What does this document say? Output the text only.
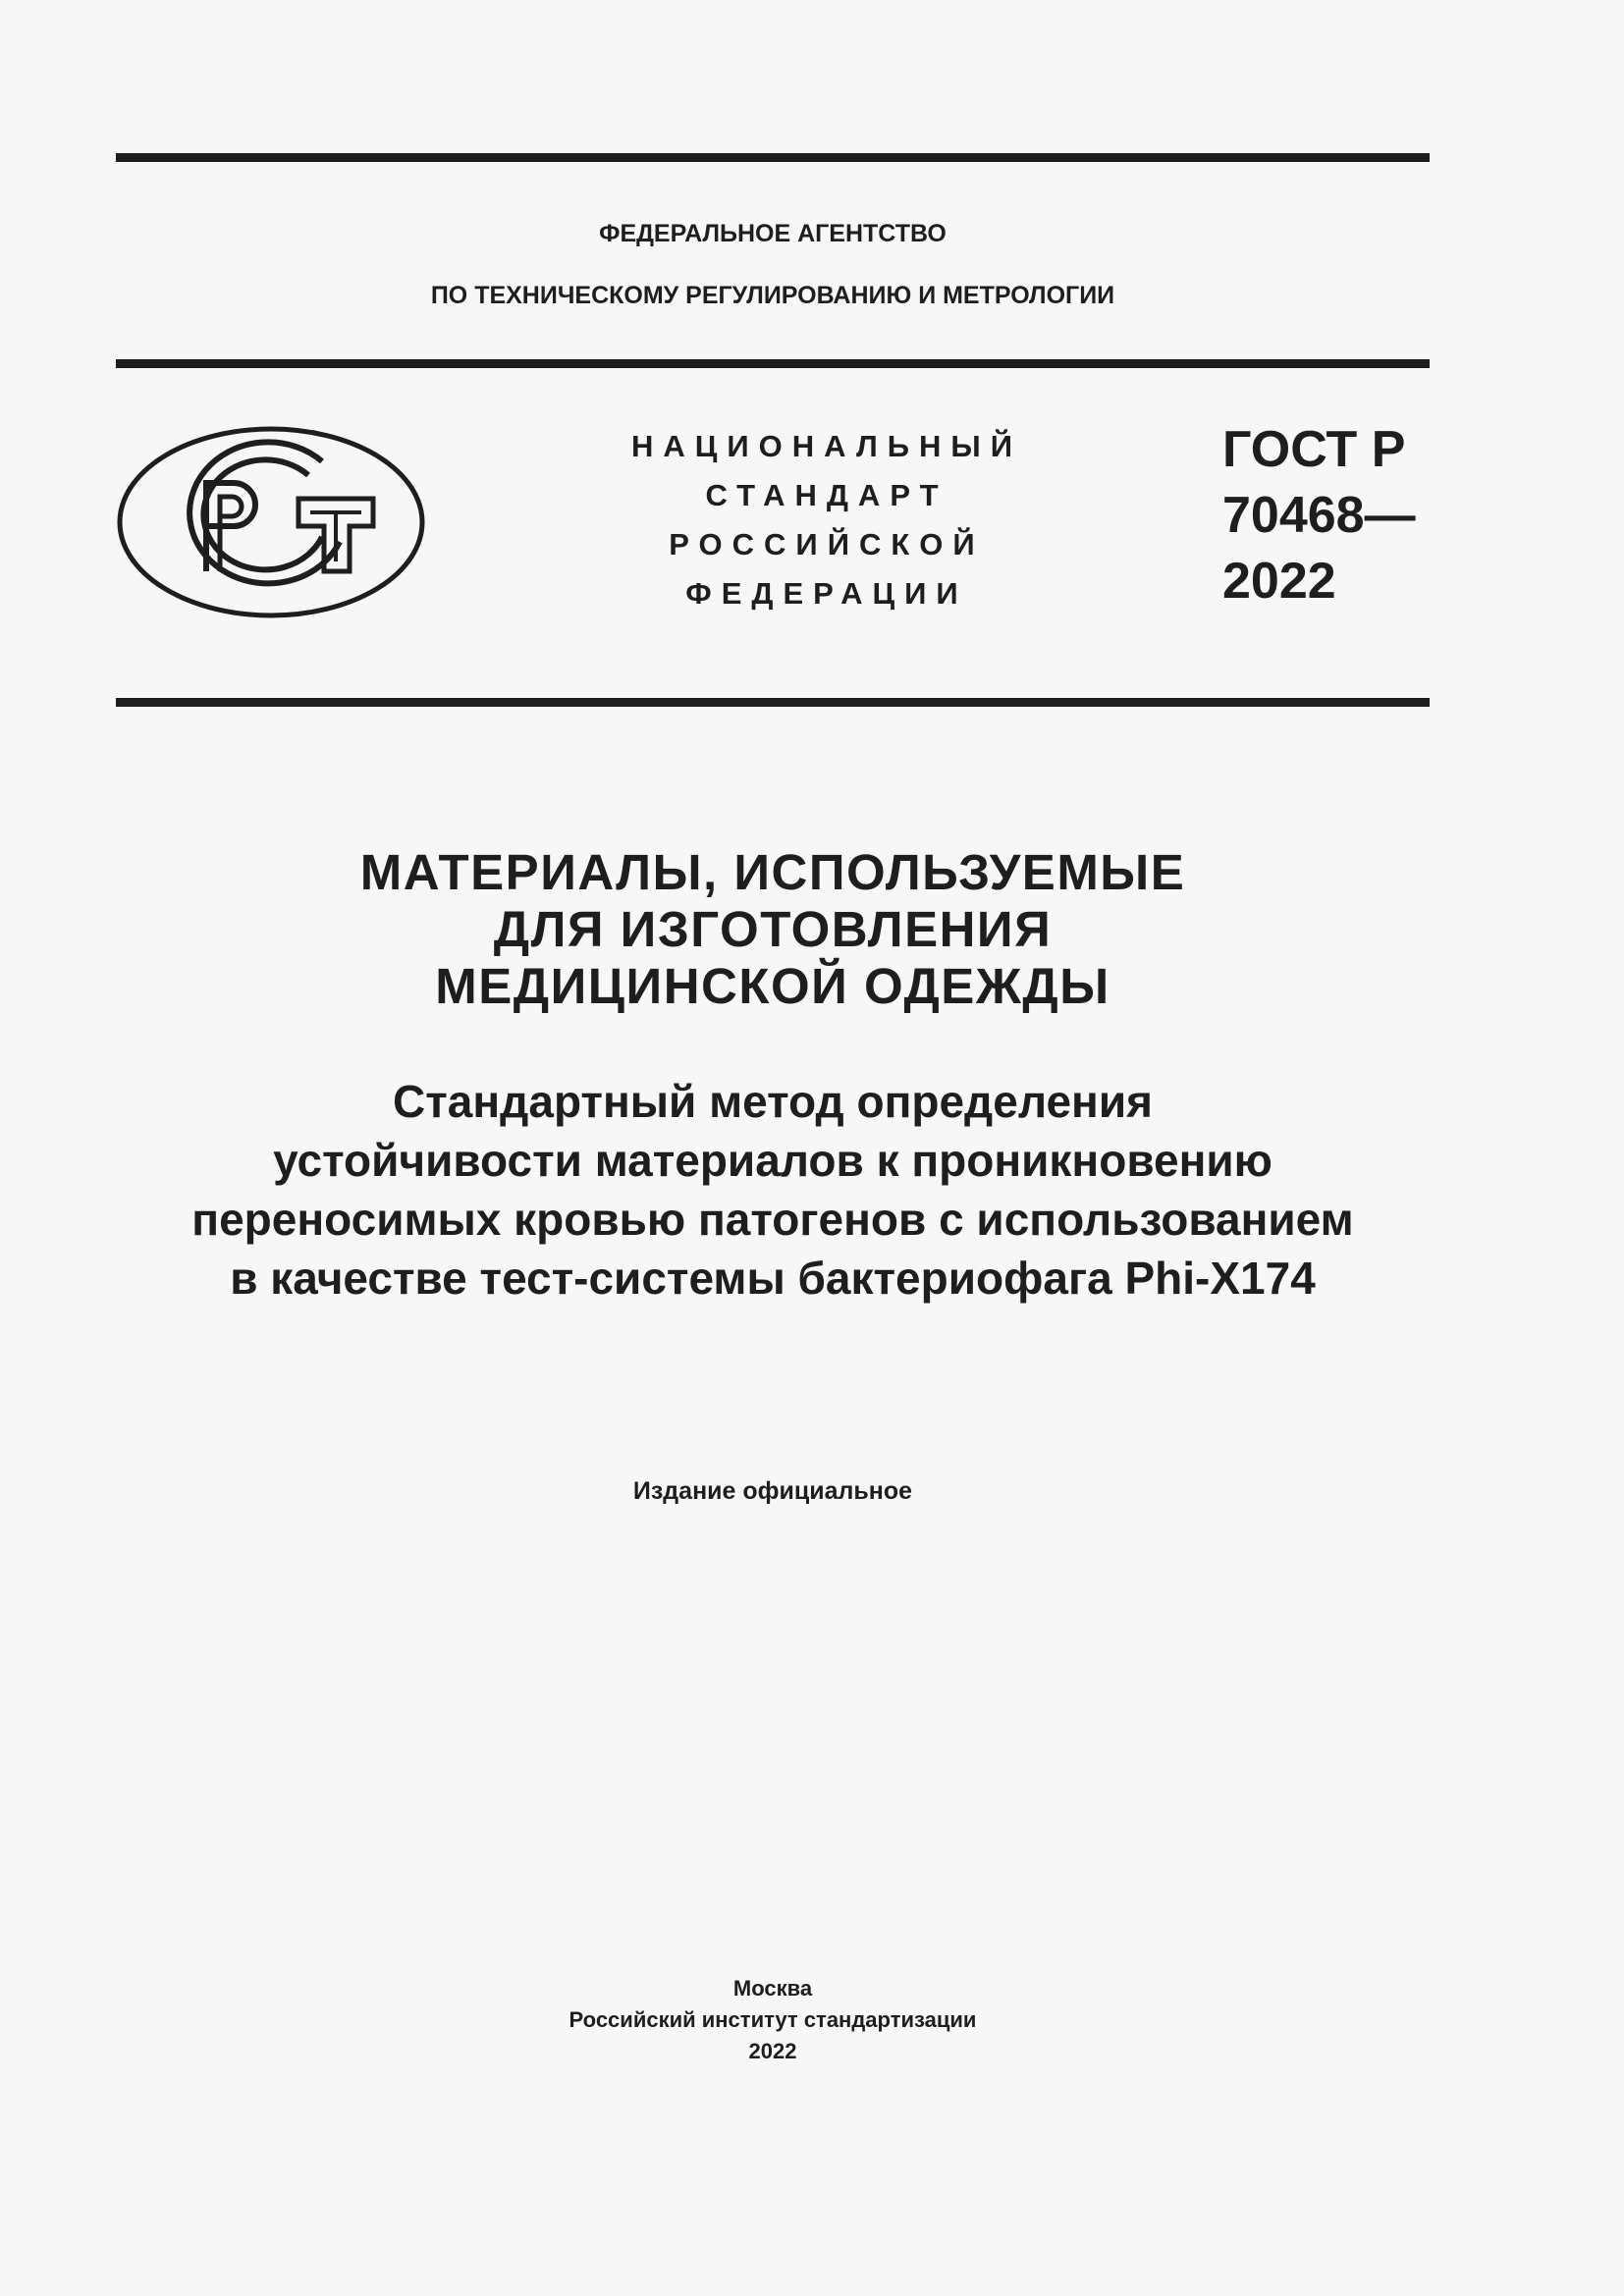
ФЕДЕРАЛЬНОЕ АГЕНТСТВО
ПО ТЕХНИЧЕСКОМУ РЕГУЛИРОВАНИЮ И МЕТРОЛОГИИ
НАЦИОНАЛЬНЫЙ
СТАНДАРТ
РОССИЙСКОЙ
ФЕДЕРАЦИИ
ГОСТ Р
70468—
2022
МАТЕРИАЛЫ, ИСПОЛЬЗУЕМЫЕ
ДЛЯ ИЗГОТОВЛЕНИЯ
МЕДИЦИНСКОЙ ОДЕЖДЫ
Стандартный метод определения
устойчивости материалов к проникновению
переносимых кровью патогенов с использованием
в качестве тест-системы бактериофага Phi-X174
Издание официальное
Москва
Российский институт стандартизации
2022
